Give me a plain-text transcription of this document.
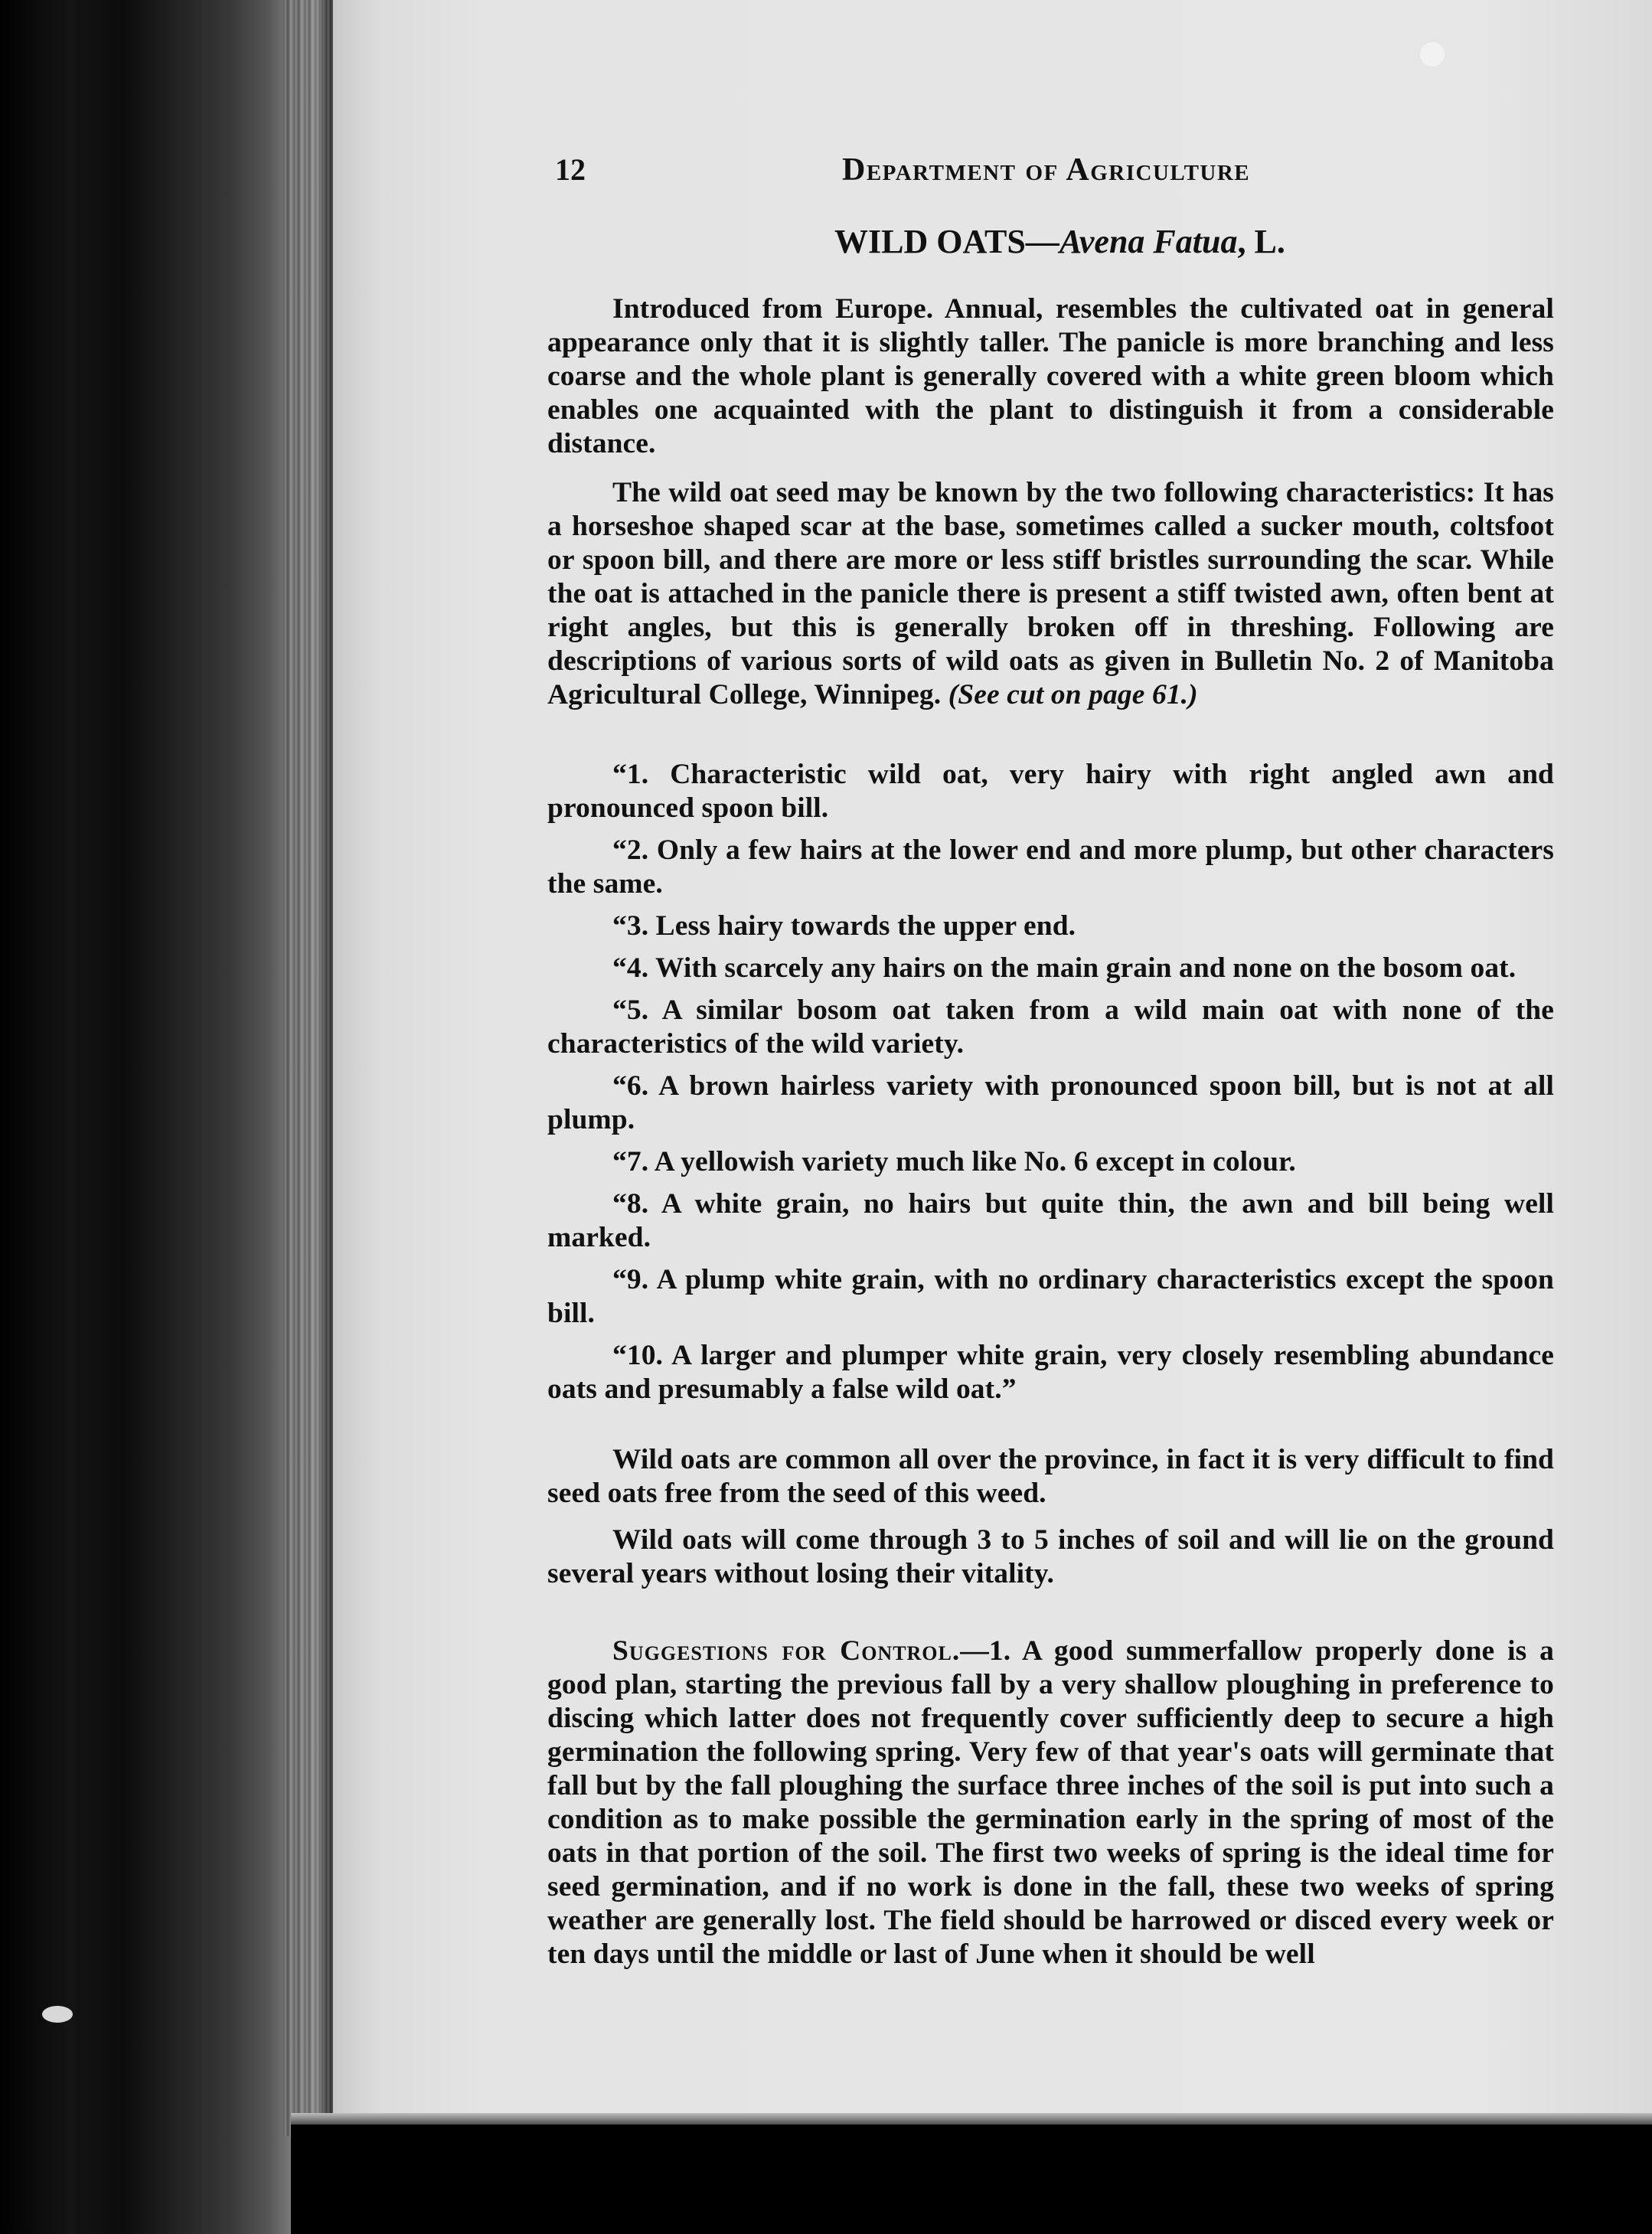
12	Department of Agriculture
WILD OATS—Avena Fatua, L.

Introduced from Europe. Annual, resembles the cultivated oat in general appearance only that it is slightly taller. The panicle is more branching and less coarse and the whole plant is generally covered with a white green bloom which enables one acquainted with the plant to distinguish it from a considerable distance.

The wild oat seed may be known by the two following characteristics: It has a horseshoe shaped scar at the base, sometimes called a sucker mouth, coltsfoot or spoon bill, and there are more or less stiff bristles surrounding the scar. While the oat is attached in the panicle there is present a stiff twisted awn, often bent at right angles, but this is generally broken off in threshing. Following are descriptions of various sorts of wild oats as given in Bulletin No. 2 of Manitoba Agricultural College, Winnipeg. (See cut on page 61.)

“1. Characteristic wild oat, very hairy with right angled awn and pronounced spoon bill.

“2. Only a few hairs at the lower end and more plump, but other characters the same.

“3. Less hairy towards the upper end.

“4. With scarcely any hairs on the main grain and none on the bosom oat.

“5. A similar bosom oat taken from a wild main oat with none of the characteristics of the wild variety.

“6. A brown hairless variety with pronounced spoon bill, but is not at all plump.

“7. A yellowish variety much like No. 6 except in colour.

“8. A white grain, no hairs but quite thin, the awn and bill being well marked.

“9. A plump white grain, with no ordinary characteristics except the spoon bill.

“10. A larger and plumper white grain, very closely resembling abundance oats and presumably a false wild oat.”

Wild oats are common all over the province, in fact it is very difficult to find seed oats free from the seed of this weed.

Wild oats will come through 3 to 5 inches of soil and will lie on the ground several years without losing their vitality.

Suggestions for Control.—1. A good summerfallow properly done is a good plan, starting the previous fall by a very shallow ploughing in preference to discing which latter does not frequently cover sufficiently deep to secure a high germination the following spring. Very few of that year's oats will germinate that fall but by the fall ploughing the surface three inches of the soil is put into such a condition as to make possible the germination early in the spring of most of the oats in that portion of the soil. The first two weeks of spring is the ideal time for seed germination, and if no work is done in the fall, these two weeks of spring weather are generally lost. The field should be harrowed or disced every week or ten days until the middle or last of June when it should be well
